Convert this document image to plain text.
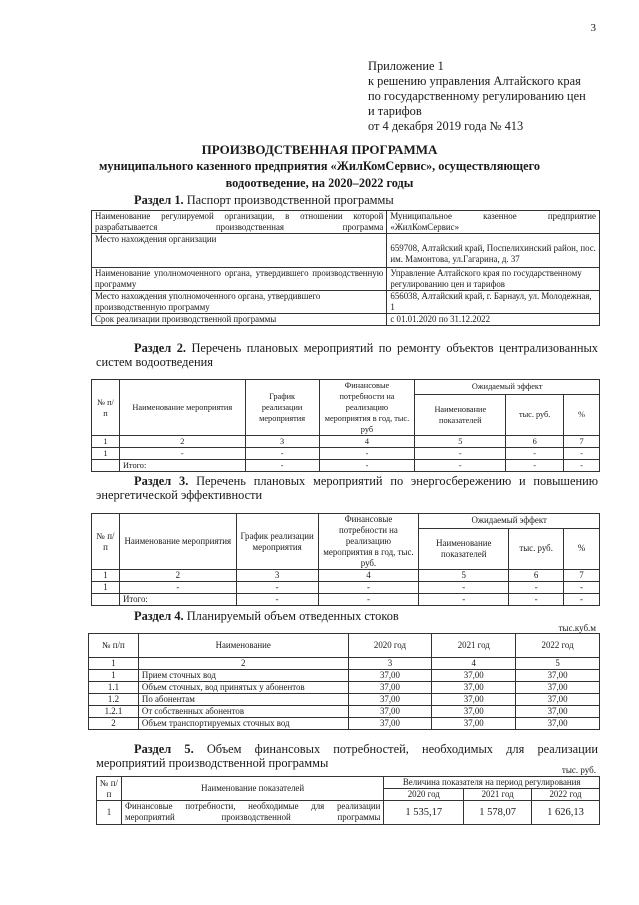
3
Приложение 1
к решению управления Алтайского края
по государственному регулированию цен
и тарифов
от 4 декабря 2019 года № 413
ПРОИЗВОДСТВЕННАЯ ПРОГРАММА
муниципального казенного предприятия «ЖилКомСервис», осуществляющего
водоотведение, на 2020–2022 годы
Раздел 1. Паспорт производственной программы
Наименование регулируемой организации, в отношении которой разрабатывается производственная программа	Муниципальное казенное предприятие «ЖилКомСервис»
Место нахождения организации	659708, Алтайский край, Поспелихинский район, пос. им. Мамонтова, ул.Гагарина, д. 37
Наименование уполномоченного органа, утвердившего производственную программу	Управление Алтайского края по государственному регулированию цен и тарифов
Место нахождения уполномоченного органа, утвердившего производственную программу	656038, Алтайский край, г. Барнаул, ул. Молодежная, 1
Срок реализации производственной программы	с 01.01.2020 по 31.12.2022
Раздел 2. Перечень плановых мероприятий по ремонту объектов централизованных систем водоотведения
№ п/п	Наименование мероприятия	График реализации мероприятия	Финансовые потребности на реализацию мероприятия в год, тыс. руб	Ожидаемый эффект		
				Наименование показателей	тыс. руб.	%
1	2	3	4	5	6	7
1	-	-	-	-	-	-
	Итого:	-	-	-	-	-
Раздел 3. Перечень плановых мероприятий по энергосбережению и повышению энергетической эффективности
№ п/п	Наименование мероприятия	График реализации мероприятия	Финансовые потребности на реализацию мероприятия в год, тыс. руб.	Ожидаемый эффект		
				Наименование показателей	тыс. руб.	%
1	2	3	4	5	6	7
1	-	-	-	-	-	-
	Итого:	-	-	-	-	-
Раздел 4. Планируемый объем отведенных стоков
тыс.куб.м
№ п/п	Наименование	2020 год	2021 год	2022 год
1	2	3	4	5
1	Прием сточных вод	37,00	37,00	37,00
1.1	Объем сточных, вод принятых у абонентов	37,00	37,00	37,00
1.2	По абонентам	37,00	37,00	37,00
1.2.1	От собственных абонентов	37,00	37,00	37,00
2	Объем транспортируемых сточных вод	37,00	37,00	37,00
Раздел 5. Объем финансовых потребностей, необходимых для реализации мероприятий производственной программы	тыс. руб.
№ п/п	Наименование показателей	Величина показателя на период регулирования		
		2020 год	2021 год	2022 год
1	Финансовые потребности, необходимые для реализации мероприятий производственной программы	1 535,17	1 578,07	1 626,13
